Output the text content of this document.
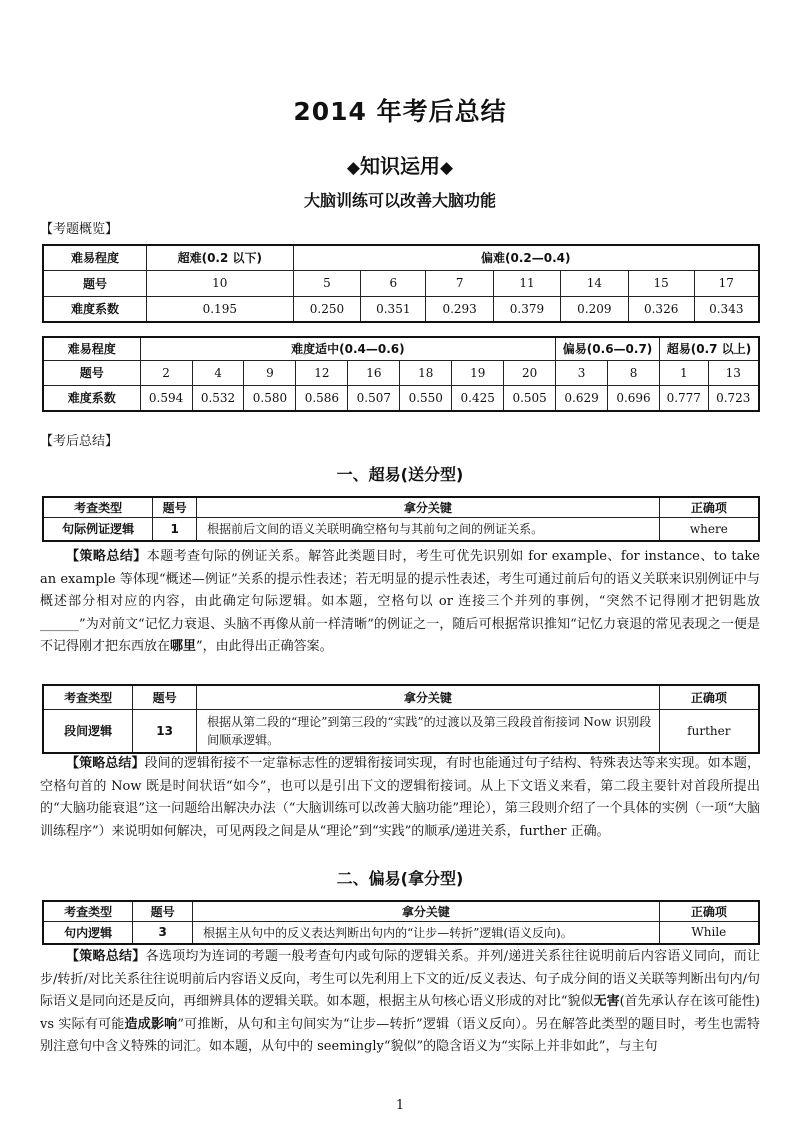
2014 年考后总结
◆知识运用◆
大脑训练可以改善大脑功能
【考题概览】
难易程度	超难(0.2 以下)	偏难(0.2—0.4)						
题号	10	5	6	7	11	14	15	17
难度系数	0.195	0.250	0.351	0.293	0.379	0.209	0.326	0.343
难易程度	难度适中(0.4—0.6)								偏易(0.6—0.7)		超易(0.7 以上)	
题号	2	4	9	12	16	18	19	20	3	8	1	13
难度系数	0.594	0.532	0.580	0.586	0.507	0.550	0.425	0.505	0.629	0.696	0.777	0.723
【考后总结】
一、超易(送分型)
考查类型	题号	拿分关键	正确项
句际例证逻辑	1	根据前后文间的语义关联明确空格句与其前句之间的例证关系。	where
【策略总结】本题考查句际的例证关系。解答此类题目时，考生可优先识别如 for example、for instance、to take an example 等体现“概述—例证”关系的提示性表述；若无明显的提示性表述，考生可通过前后句的语义关联来识别例证中与概述部分相对应的内容，由此确定句际逻辑。如本题，空格句以 or 连接三个并列的事例，“突然不记得刚才把钥匙放______”为对前文“记忆力衰退、头脑不再像从前一样清晰”的例证之一，随后可根据常识推知“记忆力衰退的常见表现之一便是不记得刚才把东西放在哪里”，由此得出正确答案。
考查类型	题号	拿分关键	正确项
段间逻辑	13	根据从第二段的“理论”到第三段的“实践”的过渡以及第三段段首衔接词 Now 识别段间顺承逻辑。	further
【策略总结】段间的逻辑衔接不一定靠标志性的逻辑衔接词实现，有时也能通过句子结构、特殊表达等来实现。如本题，空格句首的 Now 既是时间状语“如今”，也可以是引出下文的逻辑衔接词。从上下文语义来看，第二段主要针对首段所提出的“大脑功能衰退”这一问题给出解决办法（“大脑训练可以改善大脑功能”理论），第三段则介绍了一个具体的实例（一项“大脑训练程序”）来说明如何解决，可见两段之间是从“理论”到“实践”的顺承/递进关系，further 正确。
二、偏易(拿分型)
考查类型	题号	拿分关键	正确项
句内逻辑	3	根据主从句中的反义表达判断出句内的“让步—转折”逻辑(语义反向)。	While
【策略总结】各选项均为连词的考题一般考查句内或句际的逻辑关系。并列/递进关系往往说明前后内容语义同向，而让步/转折/对比关系往往说明前后内容语义反向，考生可以先利用上下文的近/反义表达、句子成分间的语义关联等判断出句内/句际语义是同向还是反向，再细辨具体的逻辑关联。如本题，根据主从句核心语义形成的对比“貌似无害(首先承认存在该可能性) vs 实际有可能造成影响”可推断，从句和主句间实为“让步—转折”逻辑（语义反向）。另在解答此类型的题目时，考生也需特别注意句中含义特殊的词汇。如本题，从句中的 seemingly“貌似”的隐含语义为“实际上并非如此”，与主句
1
